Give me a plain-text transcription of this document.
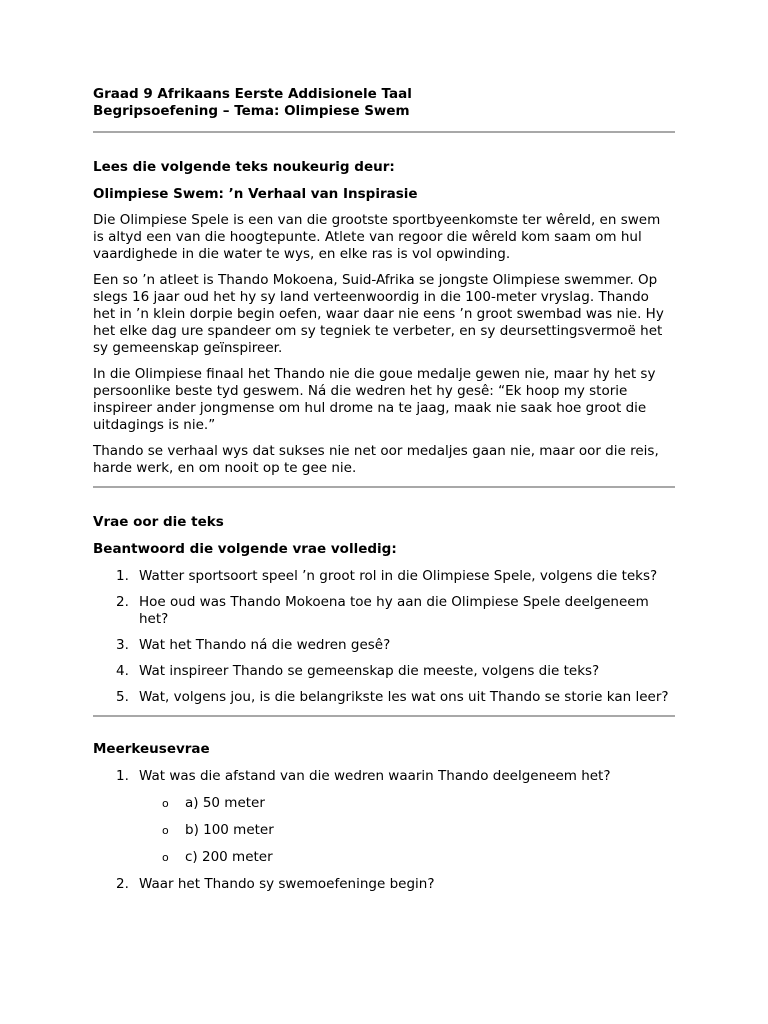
Graad 9 Afrikaans Eerste Addisionele Taal

Begripsoefening – Tema: Olimpiese Swem

Lees die volgende teks noukeurig deur:

Olimpiese Swem: ’n Verhaal van Inspirasie

Die Olimpiese Spele is een van die grootste sportbyeenkomste ter wêreld, en swem is altyd een van die hoogtepunte. Atlete van regoor die wêreld kom saam om hul vaardighede in die water te wys, en elke ras is vol opwinding.

Een so ’n atleet is Thando Mokoena, Suid-Afrika se jongste Olimpiese swemmer. Op slegs 16 jaar oud het hy sy land verteenwoordig in die 100-meter vryslag. Thando het in ’n klein dorpie begin oefen, waar daar nie eens ’n groot swembad was nie. Hy het elke dag ure spandeer om sy tegniek te verbeter, en sy deursettingsvermoë het sy gemeenskap geïnspireer.

In die Olimpiese finaal het Thando nie die goue medalje gewen nie, maar hy het sy persoonlike beste tyd geswem. Ná die wedren het hy gesê: “Ek hoop my storie inspireer ander jongmense om hul drome na te jaag, maak nie saak hoe groot die uitdagings is nie.”

Thando se verhaal wys dat sukses nie net oor medaljes gaan nie, maar oor die reis, harde werk, en om nooit op te gee nie.

Vrae oor die teks

Beantwoord die volgende vrae volledig:

1. Watter sportsoort speel ’n groot rol in die Olimpiese Spele, volgens die teks?
2. Hoe oud was Thando Mokoena toe hy aan die Olimpiese Spele deelgeneem het?
3. Wat het Thando ná die wedren gesê?
4. Wat inspireer Thando se gemeenskap die meeste, volgens die teks?
5. Wat, volgens jou, is die belangrikste les wat ons uit Thando se storie kan leer?

Meerkeusevrae

1. Wat was die afstand van die wedren waarin Thando deelgeneem het?
o a) 50 meter
o b) 100 meter
o c) 200 meter
2. Waar het Thando sy swemoefeninge begin?
